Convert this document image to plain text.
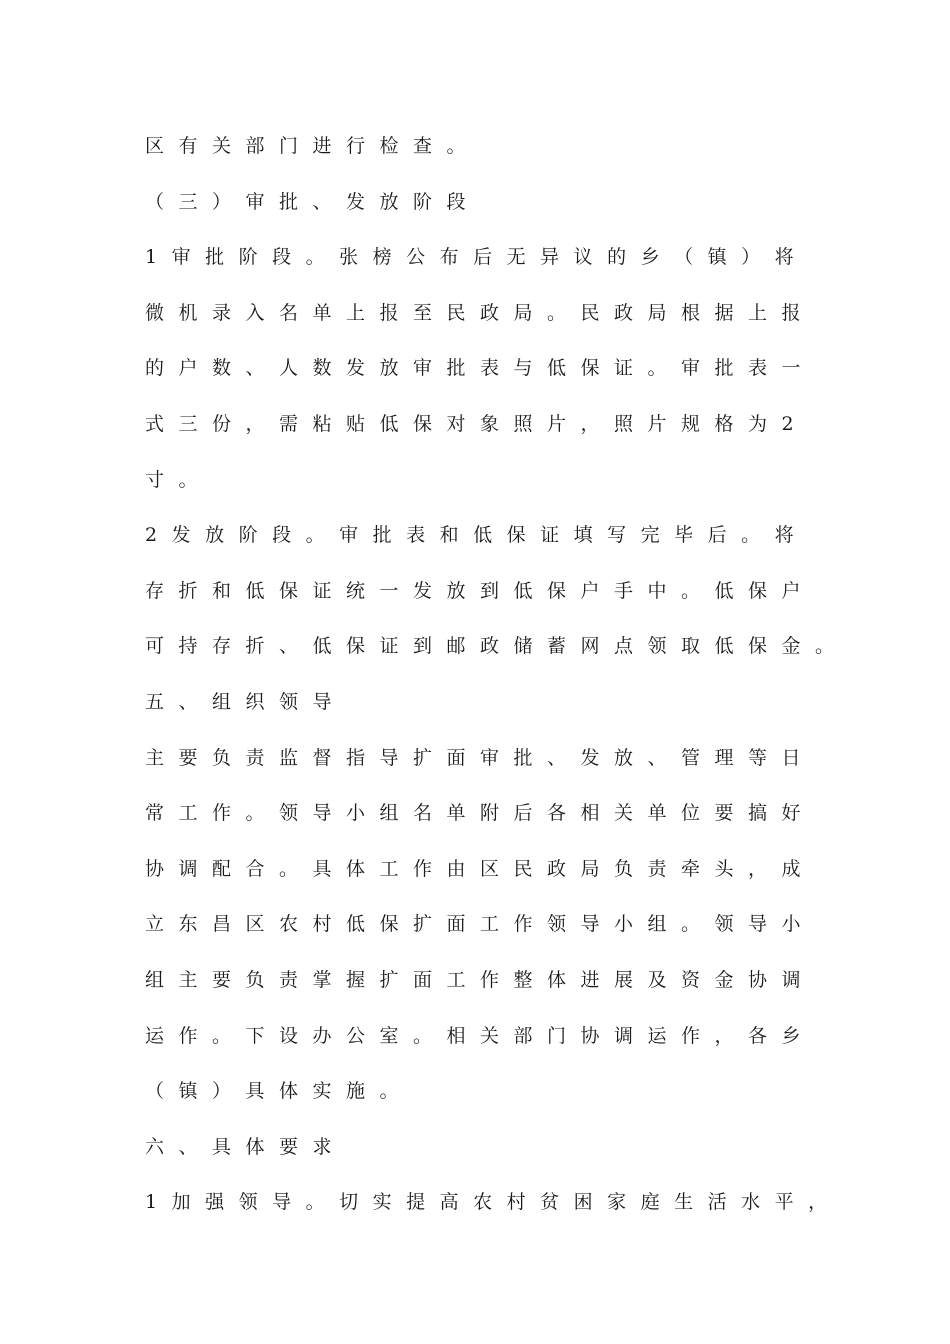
区有关部门进行检查。
（三）审批、发放阶段
1审批阶段。张榜公布后无异议的乡（镇）将
微机录入名单上报至民政局。民政局根据上报
的户数、人数发放审批表与低保证。审批表一
式三份，需粘贴低保对象照片，照片规格为2
寸。
2发放阶段。审批表和低保证填写完毕后。将
存折和低保证统一发放到低保户手中。低保户
可持存折、低保证到邮政储蓄网点领取低保金。
五、组织领导
主要负责监督指导扩面审批、发放、管理等日
常工作。领导小组名单附后各相关单位要搞好
协调配合。具体工作由区民政局负责牵头，成
立东昌区农村低保扩面工作领导小组。领导小
组主要负责掌握扩面工作整体进展及资金协调
运作。下设办公室。相关部门协调运作，各乡
（镇）具体实施。
六、具体要求
1加强领导。切实提高农村贫困家庭生活水平，
